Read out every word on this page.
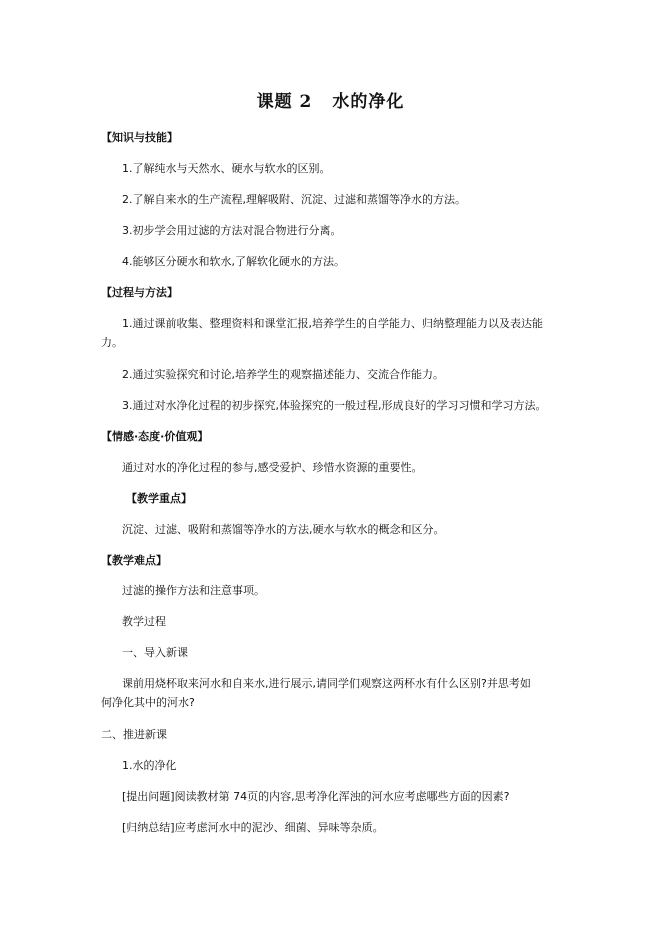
课题 2 水的净化
【知识与技能】
1.了解纯水与天然水、硬水与软水的区别。
2.了解自来水的生产流程,理解吸附、沉淀、过滤和蒸馏等净水的方法。
3.初步学会用过滤的方法对混合物进行分离。
4.能够区分硬水和软水,了解软化硬水的方法。
【过程与方法】
1.通过课前收集、整理资料和课堂汇报,培养学生的自学能力、归纳整理能力以及表达能
力。
2.通过实验探究和讨论,培养学生的观察描述能力、交流合作能力。
3.通过对水净化过程的初步探究,体验探究的一般过程,形成良好的学习习惯和学习方法。
【情感·态度·价值观】
通过对水的净化过程的参与,感受爱护、珍惜水资源的重要性。
【教学重点】
沉淀、过滤、吸附和蒸馏等净水的方法,硬水与软水的概念和区分。
【教学难点】
过滤的操作方法和注意事项。
教学过程
一、导入新课
课前用烧杯取来河水和自来水,进行展示,请同学们观察这两杯水有什么区别?并思考如
何净化其中的河水?
二、推进新课
1.水的净化
[提出问题]阅读教材第 74页的内容,思考净化浑浊的河水应考虑哪些方面的因素?
[归纳总结]应考虑河水中的泥沙、细菌、异味等杂质。
